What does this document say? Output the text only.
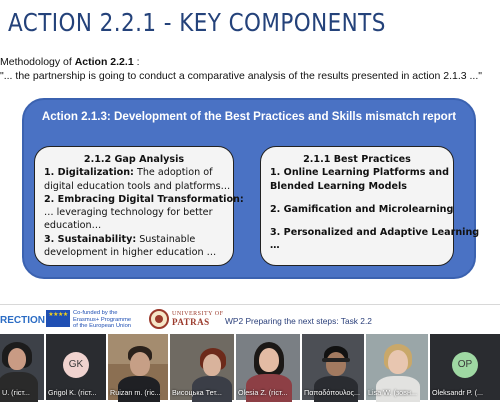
ACTION 2.2.1 - KEY COMPONENTS
Methodology of Action 2.2.1 :
"... the partnership is going to conduct a comparative analysis of the results presented in action 2.1.3 ..."
Action 2.1.3: Development of the Best Practices and Skills mismatch report
2.1.2 Gap Analysis
1. Digitalization: The adoption of
digital education tools and platforms…
2. Embracing Digital Transformation:
… leveraging technology for better
education…
3. Sustainability: Sustainable
development in higher education …
2.1.1 Best Practices
1. Online Learning Platforms and
Blended Learning Models
2. Gamification and Microlearning
3. Personalized and Adaptive Learning
…
RECTION
★★★★ Co-funded by the
Erasmus+ Programme
of the European Union
UNIVERSITY OF
PATRAS	WP2 Preparing the next steps: Task 2.2
U. (гіст...
GK
Grigol K. (гіст... Ruizan m. (гіс... Висоцька Тет... Olesia Z. (гіст... Παπαδόπουλος... Lisa W. (зовн...
OP
Oleksandr P. (...
